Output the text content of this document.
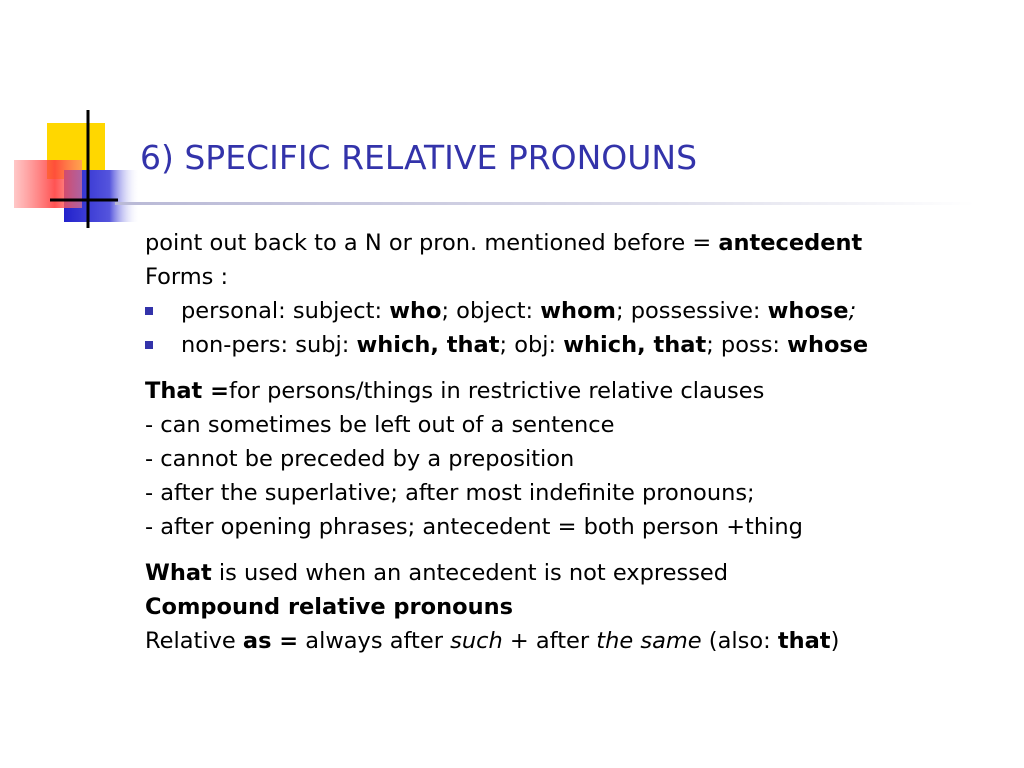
6) SPECIFIC RELATIVE PRONOUNS
point out back to a N or pron. mentioned before = antecedent
Forms :
personal: subject: who; object: whom; possessive: whose;
non-pers: subj: which, that; obj: which, that; poss: whose
That =for persons/things in restrictive relative clauses
- can sometimes be left out of a sentence
- cannot be preceded by a preposition
- after the superlative; after most indefinite pronouns;
- after opening phrases; antecedent = both person +thing
What is used when an antecedent is not expressed
Compound relative pronouns
Relative as = always after such + after the same (also: that)
